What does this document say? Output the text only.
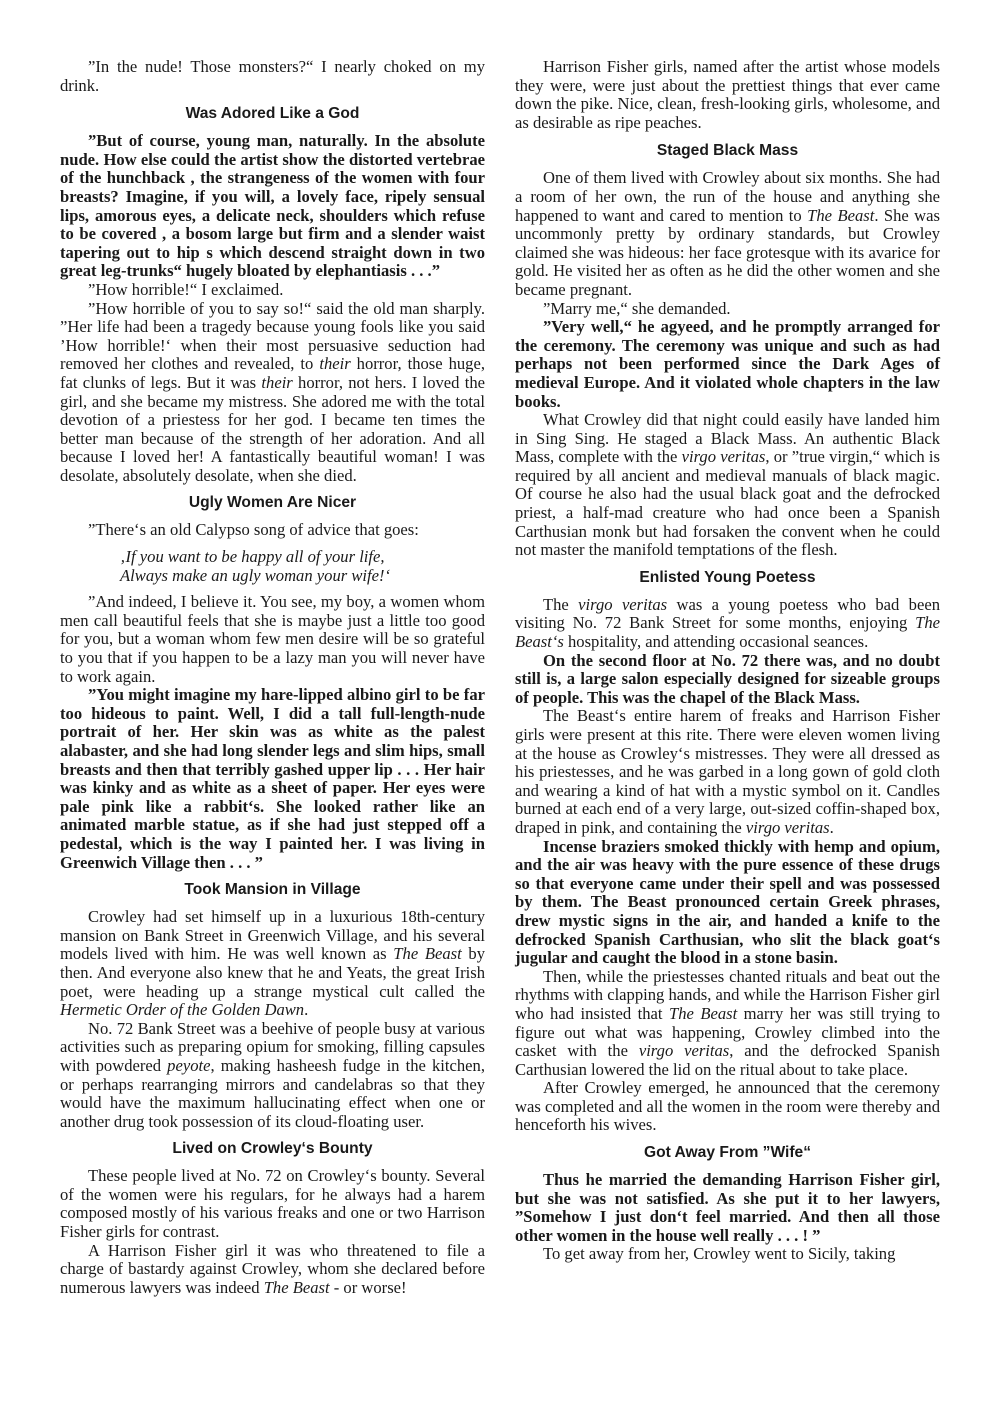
”In the nude! Those monsters?“ I nearly choked on my drink.

Was Adored Like a God

”But of course, young man, naturally. In the absolute nude. How else could the artist show the distorted vertebrae of the hunchback , the strangeness of the women with four breasts? Imagine, if you will, a lovely face, ripely sensual lips, amorous eyes, a delicate neck, shoulders which refuse to be covered , a bosom large but firm and a slender waist tapering out to hip s which descend straight down in two great leg-trunks“ hugely bloated by elephantiasis . . .”

”How horrible!“ I exclaimed.

”How horrible of you to say so!“ said the old man sharply. ”Her life had been a tragedy because young fools like you said ’How horrible!‘ when their most persuasive seduction had removed her clothes and revealed, to their horror, those huge, fat clunks of legs. But it was their horror, not hers. I loved the girl, and she became my mistress. She adored me with the total devotion of a priestess for her god. I became ten times the better man because of the strength of her adoration. And all because I loved her! A fantastically beautiful woman! I was desolate, absolutely desolate, when she died.

Ugly Women Are Nicer

”There‘s an old Calypso song of advice that goes:

‚If you want to be happy all of your life,
Always make an ugly woman your wife!‘

”And indeed, I believe it. You see, my boy, a women whom men call beautiful feels that she is maybe just a little too good for you, but a woman whom few men desire will be so grateful to you that if you happen to be a lazy man you will never have to work again.

”You might imagine my hare-lipped albino girl to be far too hideous to paint. Well, I did a tall full-length-nude portrait of her. Her skin was as white as the palest alabaster, and she had long slender legs and slim hips, small breasts and then that terribly gashed upper lip . . . Her hair was kinky and as white as a sheet of paper. Her eyes were pale pink like a rabbit‘s. She looked rather like an animated marble statue, as if she had just stepped off a pedestal, which is the way I painted her. I was living in Greenwich Village then . . . ”

Took Mansion in Village

Crowley had set himself up in a luxurious 18th-century mansion on Bank Street in Greenwich Village, and his several models lived with him. He was well known as The Beast by then. And everyone also knew that he and Yeats, the great Irish poet, were heading up a strange mystical cult called the Hermetic Order of the Golden Dawn.

No. 72 Bank Street was a beehive of people busy at various activities such as preparing opium for smoking, filling capsules with powdered peyote, making hasheesh fudge in the kitchen, or perhaps rearranging mirrors and candelabras so that they would have the maximum hallucinating effect when one or another drug took possession of its cloud-floating user.

Lived on Crowley‘s Bounty

These people lived at No. 72 on Crowley‘s bounty. Several of the women were his regulars, for he always had a harem composed mostly of his various freaks and one or two Harrison Fisher girls for contrast.

A Harrison Fisher girl it was who threatened to file a charge of bastardy against Crowley, whom she declared before numerous lawyers was indeed The Beast - or worse!

Harrison Fisher girls, named after the artist whose models they were, were just about the prettiest things that ever came down the pike. Nice, clean, fresh-looking girls, wholesome, and as desirable as ripe peaches.

Staged Black Mass

One of them lived with Crowley about six months. She had a room of her own, the run of the house and anything she happened to want and cared to mention to The Beast. She was uncommonly pretty by ordinary standards, but Crowley claimed she was hideous: her face grotesque with its avarice for gold. He visited her as often as he did the other women and she became pregnant.

”Marry me,“ she demanded.

”Very well,“ he agyeed, and he promptly arranged for the ceremony. The ceremony was unique and such as had perhaps not been performed since the Dark Ages of medieval Europe. And it violated whole chapters in the law books.

What Crowley did that night could easily have landed him in Sing Sing. He staged a Black Mass. An authentic Black Mass, complete with the virgo veritas, or ”true virgin,“ which is required by all ancient and medieval manuals of black magic. Of course he also had the usual black goat and the defrocked priest, a half-mad creature who had once been a Spanish Carthusian monk but had forsaken the convent when he could not master the manifold temptations of the flesh.

Enlisted Young Poetess

The virgo veritas was a young poetess who bad been visiting No. 72 Bank Street for some months, enjoying The Beast‘s hospitality, and attending occasional seances.

On the second floor at No. 72 there was, and no doubt still is, a large salon especially designed for sizeable groups of people. This was the chapel of the Black Mass.

The Beast‘s entire harem of freaks and Harrison Fisher girls were present at this rite. There were eleven women living at the house as Crowley‘s mistresses. They were all dressed as his priestesses, and he was garbed in a long gown of gold cloth and wearing a kind of hat with a mystic symbol on it. Candles burned at each end of a very large, out-sized coffin-shaped box, draped in pink, and containing the virgo veritas.

Incense braziers smoked thickly with hemp and opium, and the air was heavy with the pure essence of these drugs so that everyone came under their spell and was possessed by them. The Beast pronounced certain Greek phrases, drew mystic signs in the air, and handed a knife to the defrocked Spanish Carthusian, who slit the black goat‘s jugular and caught the blood in a stone basin.

Then, while the priestesses chanted rituals and beat out the rhythms with clapping hands, and while the Harrison Fisher girl who had insisted that The Beast marry her was still trying to figure out what was happening, Crowley climbed into the casket with the virgo veritas, and the defrocked Spanish Carthusian lowered the lid on the ritual about to take place.

After Crowley emerged, he announced that the ceremony was completed and all the women in the room were thereby and henceforth his wives.

Got Away From ”Wife“

Thus he married the demanding Harrison Fisher girl, but she was not satisfied. As she put it to her lawyers, ”Somehow I just don‘t feel married. And then all those other women in the house well really . . . ! ”

To get away from her, Crowley went to Sicily, taking
